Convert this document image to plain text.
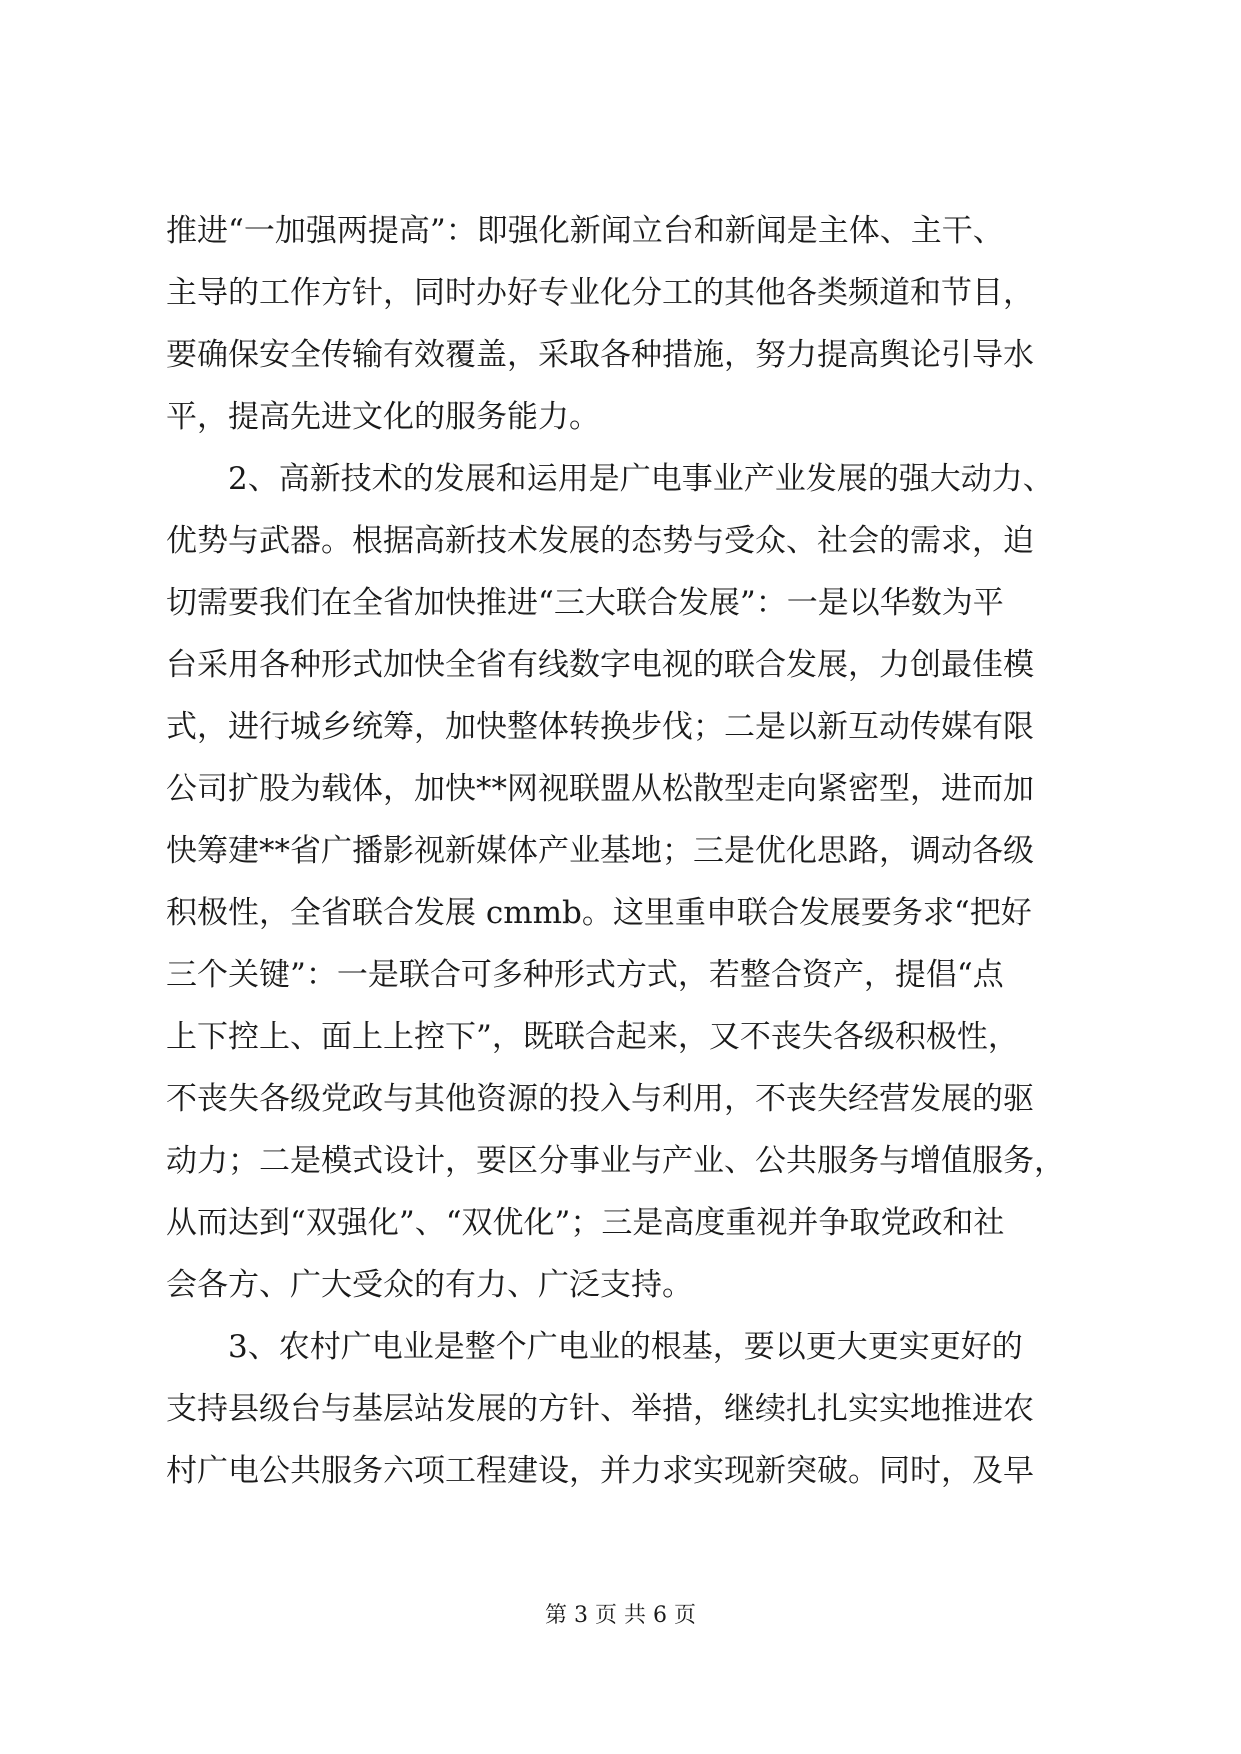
推进“一加强两提高”：即强化新闻立台和新闻是主体、主干、
主导的工作方针，同时办好专业化分工的其他各类频道和节目，
要确保安全传输有效覆盖，采取各种措施，努力提高舆论引导水
平，提高先进文化的服务能力。
2、高新技术的发展和运用是广电事业产业发展的强大动力、
优势与武器。根据高新技术发展的态势与受众、社会的需求，迫
切需要我们在全省加快推进“三大联合发展”：一是以华数为平
台采用各种形式加快全省有线数字电视的联合发展，力创最佳模
式，进行城乡统筹，加快整体转换步伐；二是以新互动传媒有限
公司扩股为载体，加快**网视联盟从松散型走向紧密型，进而加
快筹建**省广播影视新媒体产业基地；三是优化思路，调动各级
积极性，全省联合发展 cmmb。这里重申联合发展要务求“把好
三个关键”：一是联合可多种形式方式，若整合资产，提倡“点
上下控上、面上上控下”，既联合起来，又不丧失各级积极性，
不丧失各级党政与其他资源的投入与利用，不丧失经营发展的驱
动力；二是模式设计，要区分事业与产业、公共服务与增值服务，
从而达到“双强化”、“双优化”；三是高度重视并争取党政和社
会各方、广大受众的有力、广泛支持。
3、农村广电业是整个广电业的根基，要以更大更实更好的
支持县级台与基层站发展的方针、举措，继续扎扎实实地推进农
村广电公共服务六项工程建设，并力求实现新突破。同时，及早
第 3 页 共 6 页
